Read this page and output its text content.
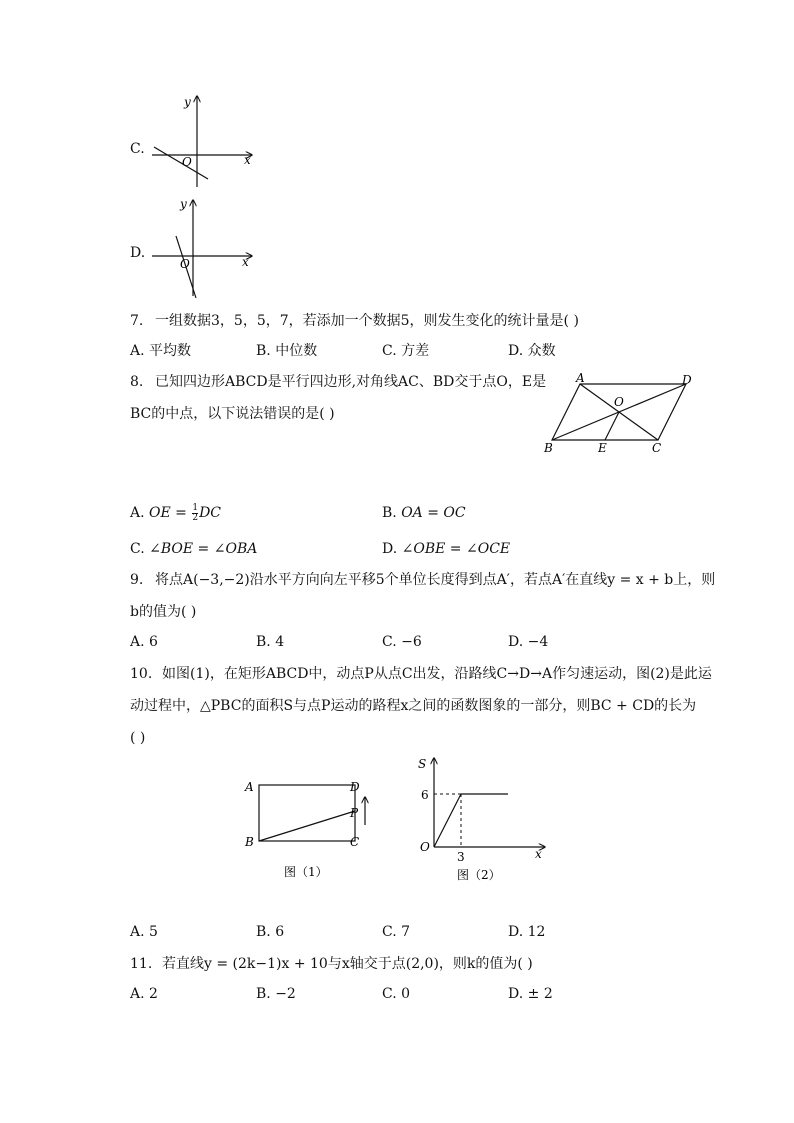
C.
y
x
O
D.
y
x
O
7. 一组数据3，5，5，7，若添加一个数据5，则发生变化的统计量是( )
A. 平均数	B. 中位数	C. 方差	D. 众数
8. 已知四边形ABCD是平行四边形,对角线AC、BD交于点O，E是
BC的中点，以下说法错误的是( )
A	D
O
B	E	C
A. OE = $\frac{1}{2}$ DC	B. OA = OC
C. ∠BOE = ∠OBA	D. ∠OBE = ∠OCE
9. 将点A(−3,−2)沿水平方向向左平移5个单位长度得到点A′，若点A′在直线y = x + b上，则
b的值为( )
A. 6	B. 4	C. −6	D. −4
10. 如图(1)，在矩形ABCD中，动点P从点C出发，沿路线C→D→A作匀速运动，图(2)是此运
动过程中，△PBC的面积S与点P运动的路程x之间的函数图象的一部分，则BC + CD的长为
( )
A	D
P
B	C
图（1）
S
6
O
3	x
图（2）
A. 5	B. 6	C. 7	D. 12
11. 若直线y = (2k−1)x + 10与x轴交于点(2,0)，则k的值为( )
A. 2	B. −2	C. 0	D. ± 2
